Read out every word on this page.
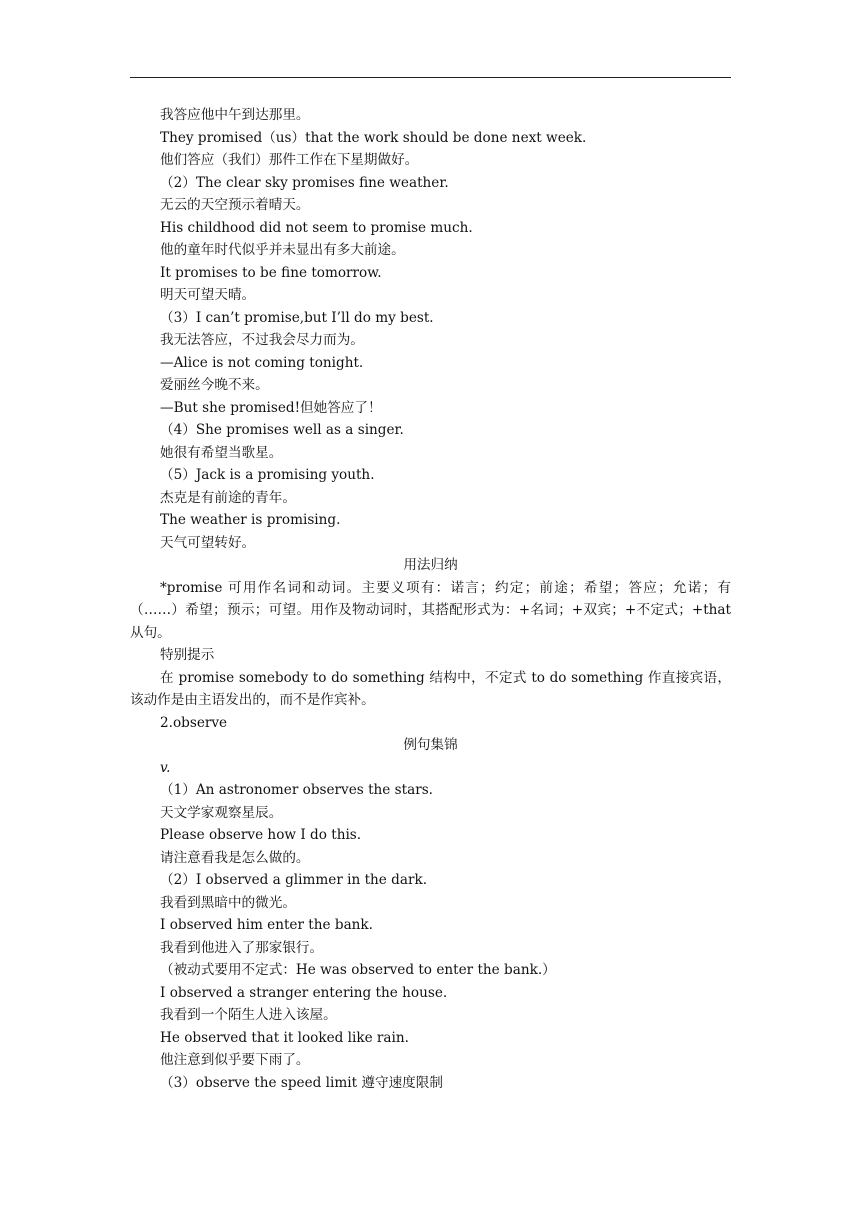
我答应他中午到达那里。
They promised（us）that the work should be done next week.
他们答应（我们）那件工作在下星期做好。
（2）The clear sky promises fine weather.
无云的天空预示着晴天。
His childhood did not seem to promise much.
他的童年时代似乎并未显出有多大前途。
It promises to be fine tomorrow.
明天可望天晴。
（3）I can’t promise,but I’ll do my best.
我无法答应，不过我会尽力而为。
—Alice is not coming tonight.
爱丽丝今晚不来。
—But she promised!但她答应了！
（4）She promises well as a singer.
她很有希望当歌星。
（5）Jack is a promising youth.
杰克是有前途的青年。
The weather is promising.
天气可望转好。
用法归纳
*promise 可用作名词和动词。主要义项有：诺言；约定；前途；希望；答应；允诺；有（……）希望；预示；可望。用作及物动词时，其搭配形式为：+名词；+双宾；+不定式；+that 从句。
特别提示
在 promise somebody to do something 结构中，不定式 to do something 作直接宾语，该动作是由主语发出的，而不是作宾补。
2.observe
例句集锦
v.
（1）An astronomer observes the stars.
天文学家观察星辰。
Please observe how I do this.
请注意看我是怎么做的。
（2）I observed a glimmer in the dark.
我看到黑暗中的微光。
I observed him enter the bank.
我看到他进入了那家银行。
（被动式要用不定式：He was observed to enter the bank.）
I observed a stranger entering the house.
我看到一个陌生人进入该屋。
He observed that it looked like rain.
他注意到似乎要下雨了。
（3）observe the speed limit 遵守速度限制
